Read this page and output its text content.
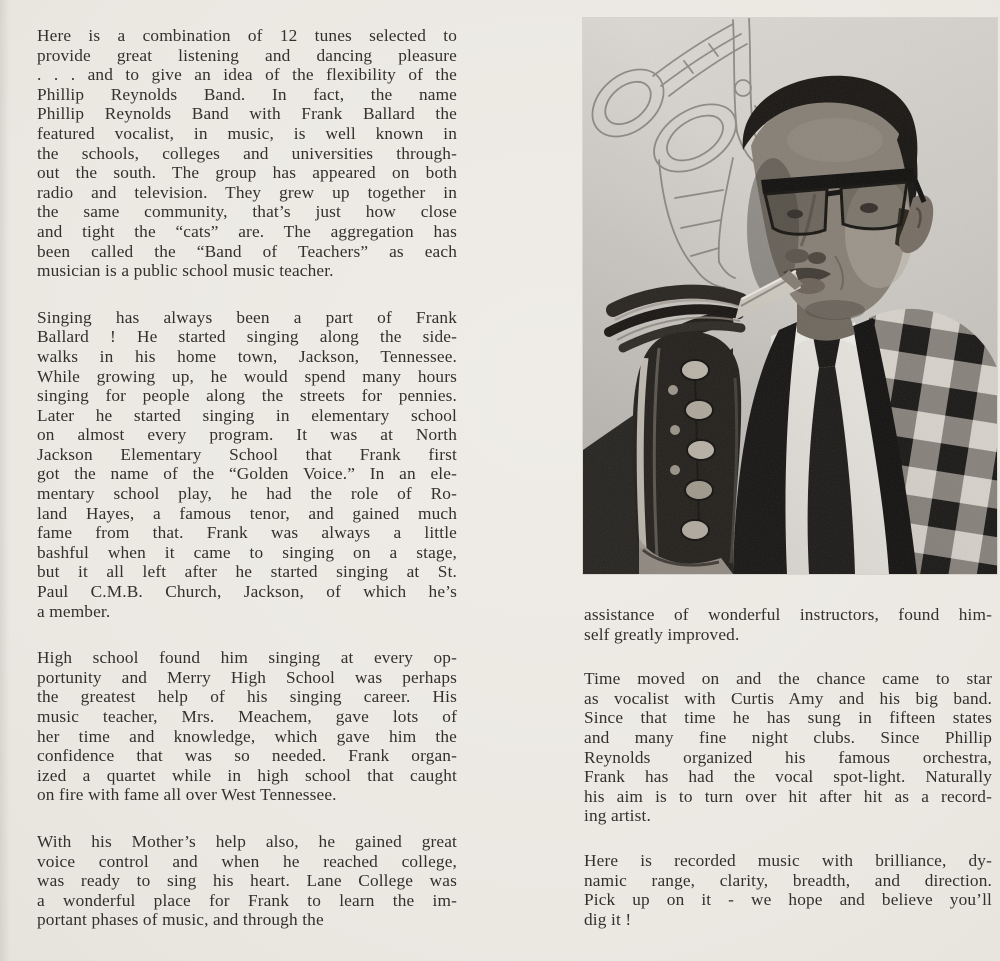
Here is a combination of 12 tunes selected to
provide great listening and dancing pleasure
. . . and to give an idea of the flexibility of the
Phillip Reynolds Band. In fact, the name
Phillip Reynolds Band with Frank Ballard the
featured vocalist, in music, is well known in
the schools, colleges and universities through-
out the south. The group has appeared on both
radio and television. They grew up together in
the same community, that’s just how close
and tight the “cats” are. The aggregation has
been called the “Band of Teachers” as each
musician is a public school music teacher.
Singing has always been a part of Frank
Ballard ! He started singing along the side-
walks in his home town, Jackson, Tennessee.
While growing up, he would spend many hours
singing for people along the streets for pennies.
Later he started singing in elementary school
on almost every program. It was at North
Jackson Elementary School that Frank first
got the name of the “Golden Voice.” In an ele-
mentary school play, he had the role of Ro-
land Hayes, a famous tenor, and gained much
fame from that. Frank was always a little
bashful when it came to singing on a stage,
but it all left after he started singing at St.
Paul C.M.B. Church, Jackson, of which he’s
a member.
High school found him singing at every op-
portunity and Merry High School was perhaps
the greatest help of his singing career. His
music teacher, Mrs. Meachem, gave lots of
her time and knowledge, which gave him the
confidence that was so needed. Frank organ-
ized a quartet while in high school that caught
on fire with fame all over West Tennessee.
With his Mother’s help also, he gained great
voice control and when he reached college,
was ready to sing his heart. Lane College was
a wonderful place for Frank to learn the im-
portant phases of music, and through the
assistance of wonderful instructors, found him-
self greatly improved.
Time moved on and the chance came to star
as vocalist with Curtis Amy and his big band.
Since that time he has sung in fifteen states
and many fine night clubs. Since Phillip
Reynolds organized his famous orchestra,
Frank has had the vocal spot-light. Naturally
his aim is to turn over hit after hit as a record-
ing artist.
Here is recorded music with brilliance, dy-
namic range, clarity, breadth, and direction.
Pick up on it - we hope and believe you’ll
dig it !
